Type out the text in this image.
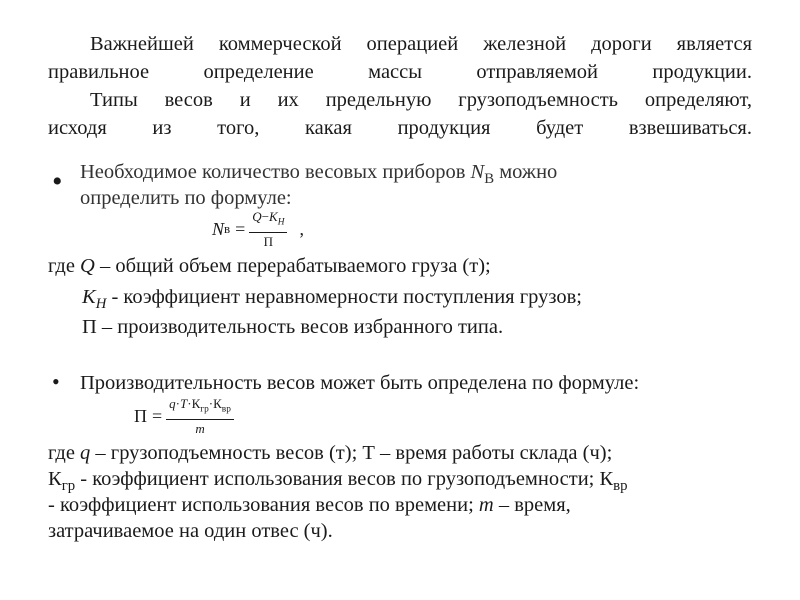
Важнейшей коммерческой операцией железной дороги является
правильное определение массы отправляемой продукции.

Типы весов и их предельную грузоподъемность определяют,
исходя из того, какая продукция будет взвешиваться.

• Необходимое количество весовых приборов $N_В$ можно
определить по формуле:
N $в = \frac{Q-K_H}{П}$ ,
где Q – общий объем перерабатываемого груза (т);
$K_H$ - коэффициент неравномерности поступления грузов;
П – производительность весов избранного типа.
• Производительность весов может быть определена по формуле:
$П = \frac{q\cdot T\cdot К_{гр}\cdot К_{вр}}{m}$
где q – грузоподъемность весов (т); Т – время работы склада (ч);
$К_{гр}$ - коэффициент использования весов по грузоподъемности; $К_{вр}$
- коэффициент использования весов по времени; m – время,
затрачиваемое на один отвес (ч).
